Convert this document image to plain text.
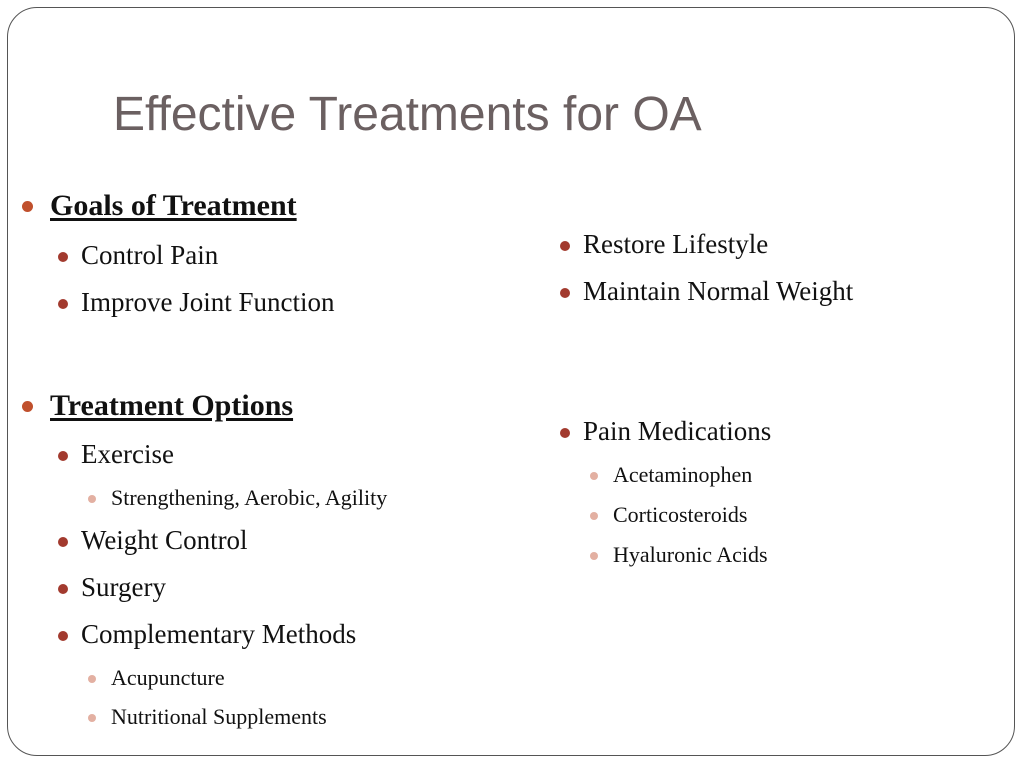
Effective Treatments for OA
Goals of Treatment
Control Pain
Improve Joint Function
Treatment Options
Exercise
Strengthening, Aerobic, Agility
Weight Control
Surgery
Complementary Methods
Acupuncture
Nutritional Supplements
Restore Lifestyle
Maintain Normal Weight
Pain Medications
Acetaminophen
Corticosteroids
Hyaluronic Acids
